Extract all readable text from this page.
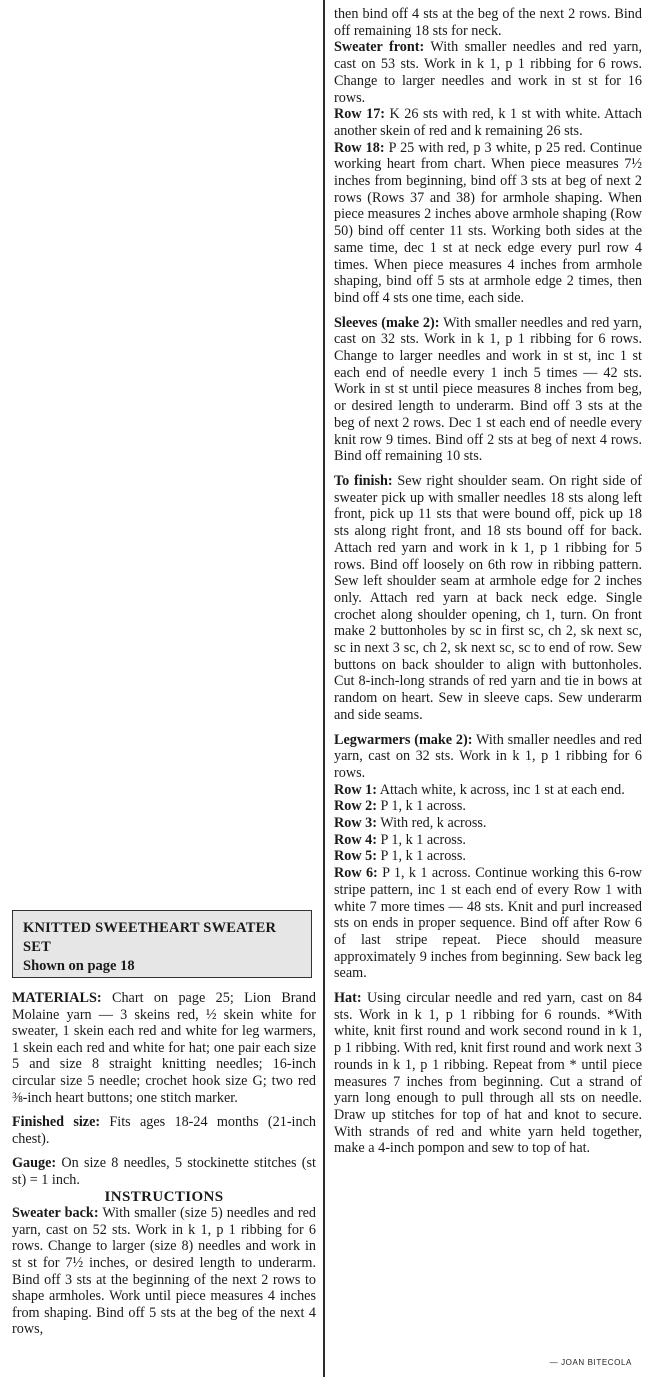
KNITTED SWEETHEART SWEATER SET
Shown on page 18

MATERIALS: Chart on page 25; Lion Brand Molaine yarn — 3 skeins red, ½ skein white for sweater, 1 skein each red and white for leg warmers, 1 skein each red and white for hat; one pair each size 5 and size 8 straight knitting needles; 16-inch circular size 5 needle; crochet hook size G; two red ⅜-inch heart buttons; one stitch marker.

Finished size: Fits ages 18-24 months (21-inch chest).

Gauge: On size 8 needles, 5 stockinette stitches (st st) = 1 inch.

INSTRUCTIONS

Sweater back: With smaller (size 5) needles and red yarn, cast on 52 sts. Work in k 1, p 1 ribbing for 6 rows. Change to larger (size 8) needles and work in st st for 7½ inches, or desired length to underarm. Bind off 3 sts at the beginning of the next 2 rows to shape armholes. Work until piece measures 4 inches from shaping. Bind off 5 sts at the beg of the next 4 rows,

then bind off 4 sts at the beg of the next 2 rows. Bind off remaining 18 sts for neck.

Sweater front: With smaller needles and red yarn, cast on 53 sts. Work in k 1, p 1 ribbing for 6 rows. Change to larger needles and work in st st for 16 rows.

Row 17: K 26 sts with red, k 1 st with white. Attach another skein of red and k remaining 26 sts.

Row 18: P 25 with red, p 3 white, p 25 red. Continue working heart from chart. When piece measures 7½ inches from beginning, bind off 3 sts at beg of next 2 rows (Rows 37 and 38) for armhole shaping. When piece measures 2 inches above armhole shaping (Row 50) bind off center 11 sts. Working both sides at the same time, dec 1 st at neck edge every purl row 4 times. When piece measures 4 inches from armhole shaping, bind off 5 sts at armhole edge 2 times, then bind off 4 sts one time, each side.

Sleeves (make 2): With smaller needles and red yarn, cast on 32 sts. Work in k 1, p 1 ribbing for 6 rows. Change to larger needles and work in st st, inc 1 st each end of needle every 1 inch 5 times — 42 sts. Work in st st until piece measures 8 inches from beg, or desired length to underarm. Bind off 3 sts at the beg of next 2 rows. Dec 1 st each end of needle every knit row 9 times. Bind off 2 sts at beg of next 4 rows. Bind off remaining 10 sts.

To finish: Sew right shoulder seam. On right side of sweater pick up with smaller needles 18 sts along left front, pick up 11 sts that were bound off, pick up 18 sts along right front, and 18 sts bound off for back. Attach red yarn and work in k 1, p 1 ribbing for 5 rows. Bind off loosely on 6th row in ribbing pattern. Sew left shoulder seam at armhole edge for 2 inches only. Attach red yarn at back neck edge. Single crochet along shoulder opening, ch 1, turn. On front make 2 buttonholes by sc in first sc, ch 2, sk next sc, sc in next 3 sc, ch 2, sk next sc, sc to end of row. Sew buttons on back shoulder to align with buttonholes. Cut 8-inch-long strands of red yarn and tie in bows at random on heart. Sew in sleeve caps. Sew underarm and side seams.

Legwarmers (make 2): With smaller needles and red yarn, cast on 32 sts. Work in k 1, p 1 ribbing for 6 rows.

Row 1: Attach white, k across, inc 1 st at each end.

Row 2: P 1, k 1 across.

Row 3: With red, k across.

Row 4: P 1, k 1 across.

Row 5: P 1, k 1 across.

Row 6: P 1, k 1 across. Continue working this 6-row stripe pattern, inc 1 st each end of every Row 1 with white 7 more times — 48 sts. Knit and purl increased sts on ends in proper sequence. Bind off after Row 6 of last stripe repeat. Piece should measure approximately 9 inches from beginning. Sew back leg seam.

Hat: Using circular needle and red yarn, cast on 84 sts. Work in k 1, p 1 ribbing for 6 rounds. *With white, knit first round and work second round in k 1, p 1 ribbing. With red, knit first round and work next 3 rounds in k 1, p 1 ribbing. Repeat from * until piece measures 7 inches from beginning. Cut a strand of yarn long enough to pull through all sts on needle. Draw up stitches for top of hat and knot to secure. With strands of red and white yarn held together, make a 4-inch pompon and sew to top of hat.

— JOAN BITECOLA
